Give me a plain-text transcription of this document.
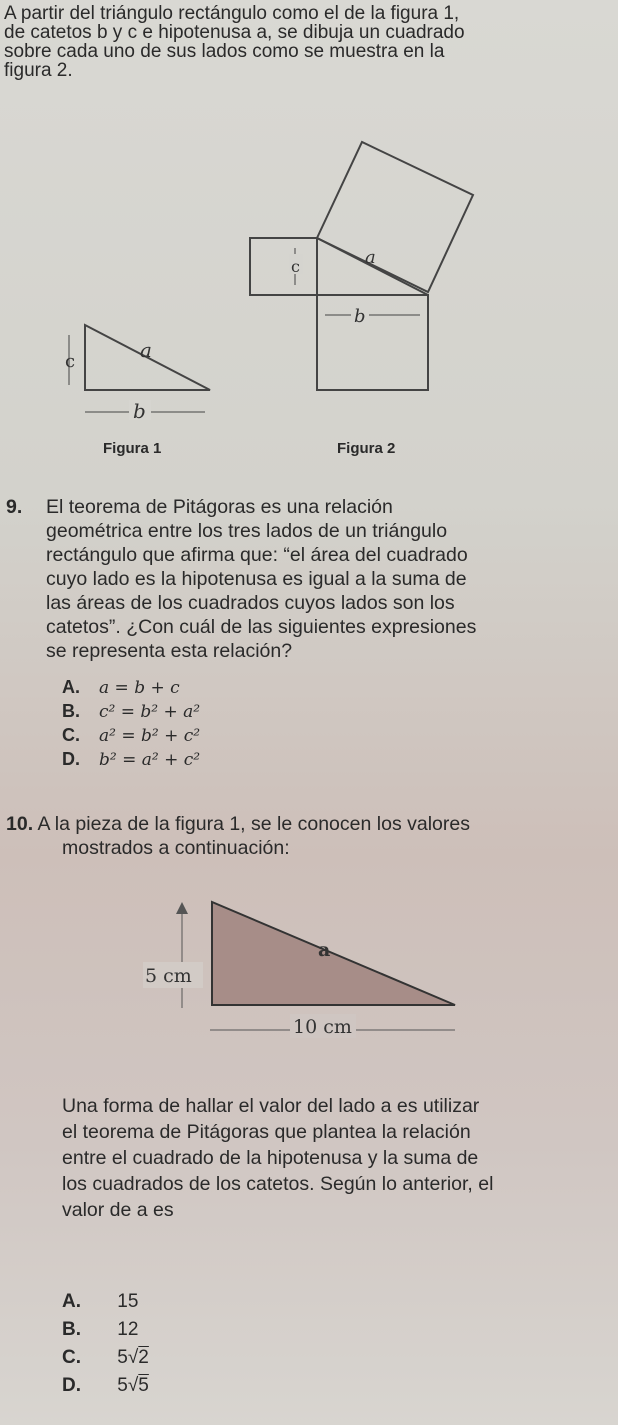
A partir del triángulo rectángulo como el de la figura 1,
de catetos b y c e hipotenusa a, se dibuja un cuadrado
sobre cada uno de sus lados como se muestra en la
figura 2.
c	a
b
Figura 1
c	a
b
Figura 2
9. El teorema de Pitágoras es una relación
geométrica entre los tres lados de un triángulo
rectángulo que afirma que: “el área del cuadrado
cuyo lado es la hipotenusa es igual a la suma de
las áreas de los cuadrados cuyos lados son los
catetos”. ¿Con cuál de las siguientes expresiones
se representa esta relación?
A. a = b + c
B. c² = b² + a²
C. a² = b² + c²
D. b² = a² + c²
10. A la pieza de la figura 1, se le conocen los valores
mostrados a continuación:
5 cm
a
10 cm
Una forma de hallar el valor del lado a es utilizar
el teorema de Pitágoras que plantea la relación
entre el cuadrado de la hipotenusa y la suma de
los cuadrados de los catetos. Según lo anterior, el
valor de a es
A. 15
B. 12
C. 5√2
D. 5√5
